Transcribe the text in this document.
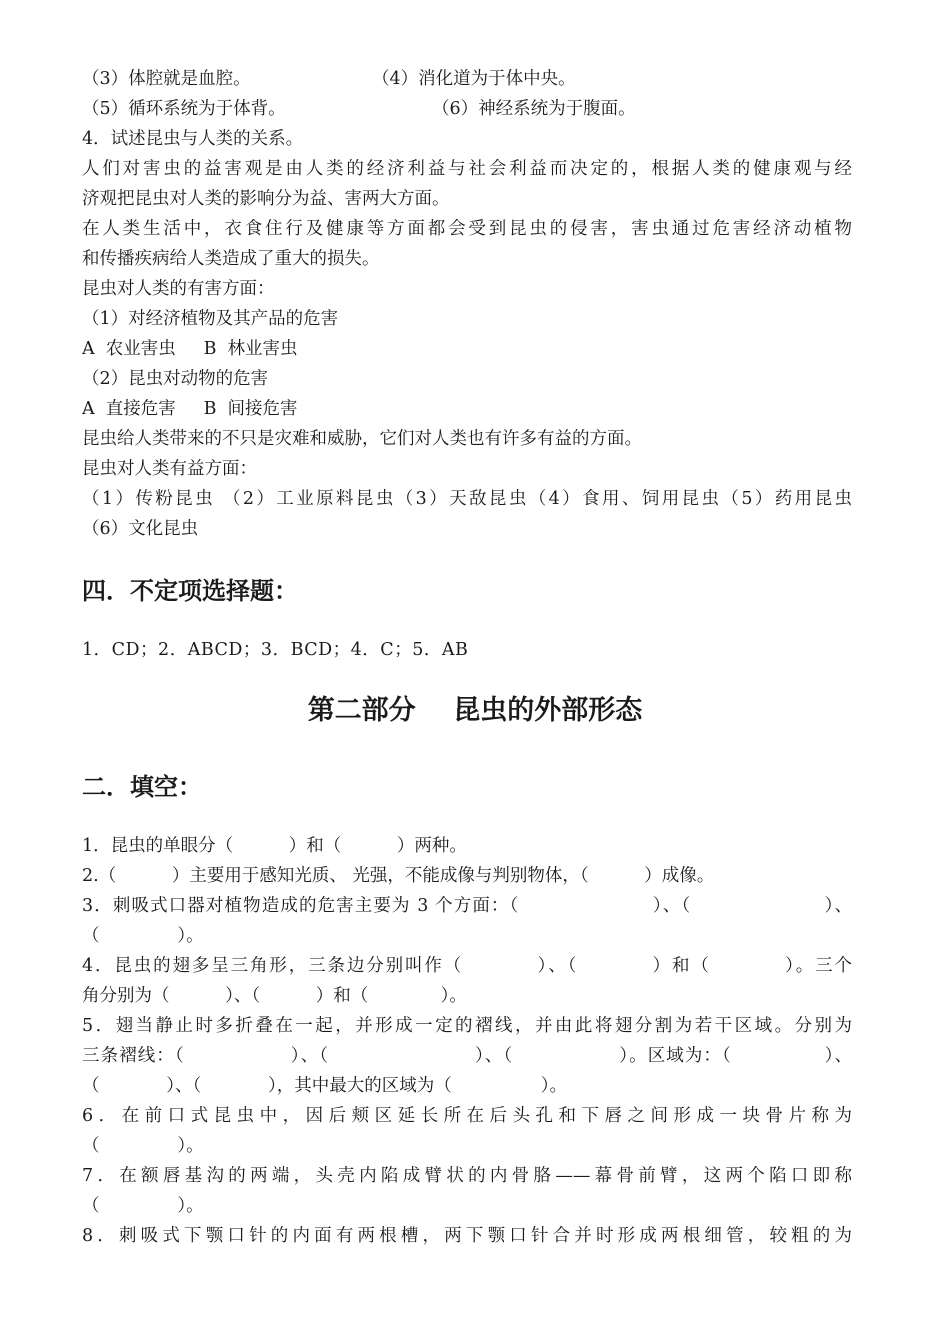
（3）体腔就是血腔。	（4）消化道为于体中央。
（5）循环系统为于体背。	（6）神经系统为于腹面。
4．试述昆虫与人类的关系。
人们对害虫的益害观是由人类的经济利益与社会利益而决定的，根据人类的健康观与经
济观把昆虫对人类的影响分为益、害两大方面。
在人类生活中，衣食住行及健康等方面都会受到昆虫的侵害，害虫通过危害经济动植物
和传播疾病给人类造成了重大的损失。
昆虫对人类的有害方面：
（1）对经济植物及其产品的危害
A  农业害虫     B  林业害虫
（2）昆虫对动物的危害
A  直接危害     B  间接危害
昆虫给人类带来的不只是灾难和威胁，它们对人类也有许多有益的方面。
昆虫对人类有益方面：
（1）传粉昆虫 （2）工业原料昆虫（3）天敌昆虫（4）食用、饲用昆虫（5）药用昆虫
（6）文化昆虫
四．不定项选择题：
1．CD；2．ABCD；3．BCD；4．C；5．AB
第二部分    昆虫的外部形态
二．填空：
1．昆虫的单眼分（          ）和（          ）两种。
2.（          ）主要用于感知光质、 光强，不能成像与判别物体，（          ）成像。
3．刺吸式口器对植物造成的危害主要为 3 个方面：（                    ）、（                    ）、
（              ）。
4．昆虫的翅多呈三角形，三条边分别叫作（          ）、（          ）和（          ）。三个
角分别为（          ）、（          ）和（             ）。
5．翅当静止时多折叠在一起，并形成一定的褶线，并由此将翅分割为若干区域。分别为
三条褶线：（                ）、（                      ）、（                ）。区域为：（              ）、
（            ）、（            ），其中最大的区域为（                ）。
6．在前口式昆虫中，因后颊区延长所在后头孔和下唇之间形成一块骨片称为
（              ）。
7．在额唇基沟的两端，头壳内陷成臂状的内骨胳——幕骨前臂，这两个陷口即称
（              ）。
8．刺吸式下颚口针的内面有两根槽，两下颚口针合并时形成两根细管，较粗的为
